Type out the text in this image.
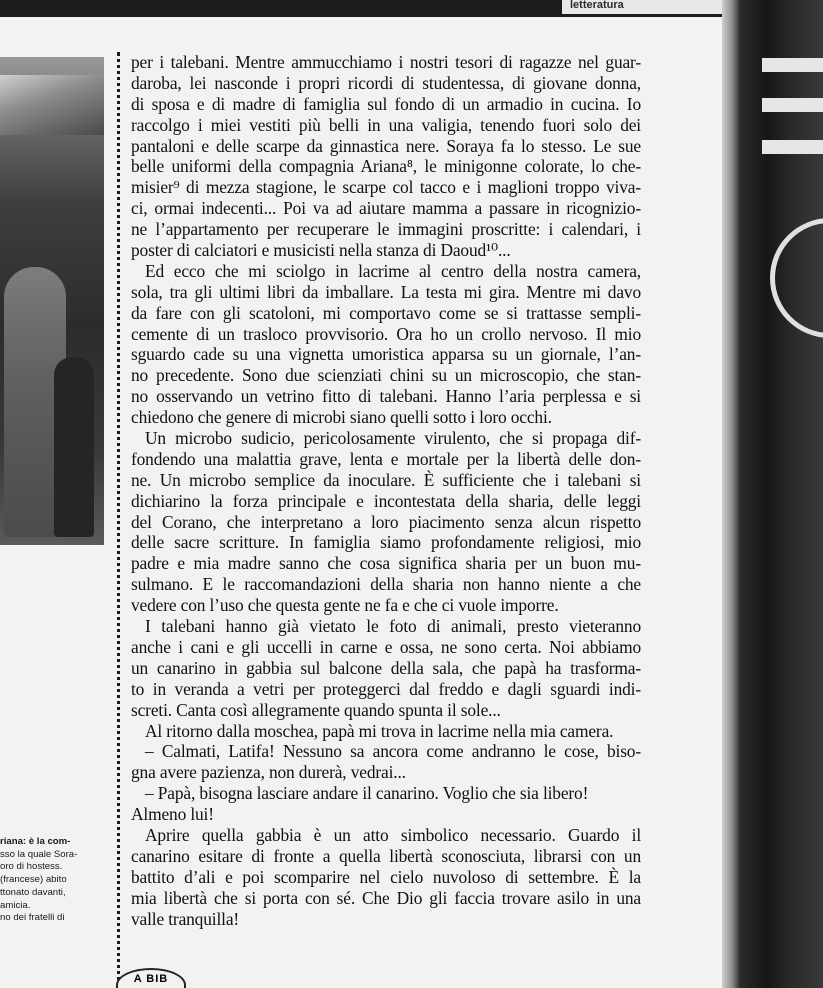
letteratura
riana: è la com-
sso la quale Sora-
oro di hostess.
(francese) abito
ttonato davanti,
amicia.
no dei fratelli di
per i talebani. Mentre ammucchiamo i nostri tesori di ragazze nel guar-
daroba, lei nasconde i propri ricordi di studentessa, di giovane donna,
di sposa e di madre di famiglia sul fondo di un armadio in cucina. Io
raccolgo i miei vestiti più belli in una valigia, tenendo fuori solo dei
pantaloni e delle scarpe da ginnastica nere. Soraya fa lo stesso. Le sue
belle uniformi della compagnia Ariana⁸, le minigonne colorate, lo che-
misier⁹ di mezza stagione, le scarpe col tacco e i maglioni troppo viva-
ci, ormai indecenti... Poi va ad aiutare mamma a passare in ricognizio-
ne l’appartamento per recuperare le immagini proscritte: i calendari, i
poster di calciatori e musicisti nella stanza di Daoud¹⁰...
Ed ecco che mi sciolgo in lacrime al centro della nostra camera,
sola, tra gli ultimi libri da imballare. La testa mi gira. Mentre mi davo
da fare con gli scatoloni, mi comportavo come se si trattasse sempli-
cemente di un trasloco provvisorio. Ora ho un crollo nervoso. Il mio
sguardo cade su una vignetta umoristica apparsa su un giornale, l’an-
no precedente. Sono due scienziati chini su un microscopio, che stan-
no osservando un vetrino fitto di talebani. Hanno l’aria perplessa e si
chiedono che genere di microbi siano quelli sotto i loro occhi.
Un microbo sudicio, pericolosamente virulento, che si propaga dif-
fondendo una malattia grave, lenta e mortale per la libertà delle don-
ne. Un microbo semplice da inoculare. È sufficiente che i talebani si
dichiarino la forza principale e incontestata della sharia, delle leggi
del Corano, che interpretano a loro piacimento senza alcun rispetto
delle sacre scritture. In famiglia siamo profondamente religiosi, mio
padre e mia madre sanno che cosa significa sharia per un buon mu-
sulmano. E le raccomandazioni della sharia non hanno niente a che
vedere con l’uso che questa gente ne fa e che ci vuole imporre.
I talebani hanno già vietato le foto di animali, presto vieteranno
anche i cani e gli uccelli in carne e ossa, ne sono certa. Noi abbiamo
un canarino in gabbia sul balcone della sala, che papà ha trasforma-
to in veranda a vetri per proteggerci dal freddo e dagli sguardi indi-
screti. Canta così allegramente quando spunta il sole...
Al ritorno dalla moschea, papà mi trova in lacrime nella mia camera.
– Calmati, Latifa! Nessuno sa ancora come andranno le cose, biso-
gna avere pazienza, non durerà, vedrai...
– Papà, bisogna lasciare andare il canarino. Voglio che sia libero!
Almeno lui!
Aprire quella gabbia è un atto simbolico necessario. Guardo il
canarino esitare di fronte a quella libertà sconosciuta, librarsi con un
battito d’ali e poi scomparire nel cielo nuvoloso di settembre. È la
mia libertà che si porta con sé. Che Dio gli faccia trovare asilo in una
valle tranquilla!
A BIB
